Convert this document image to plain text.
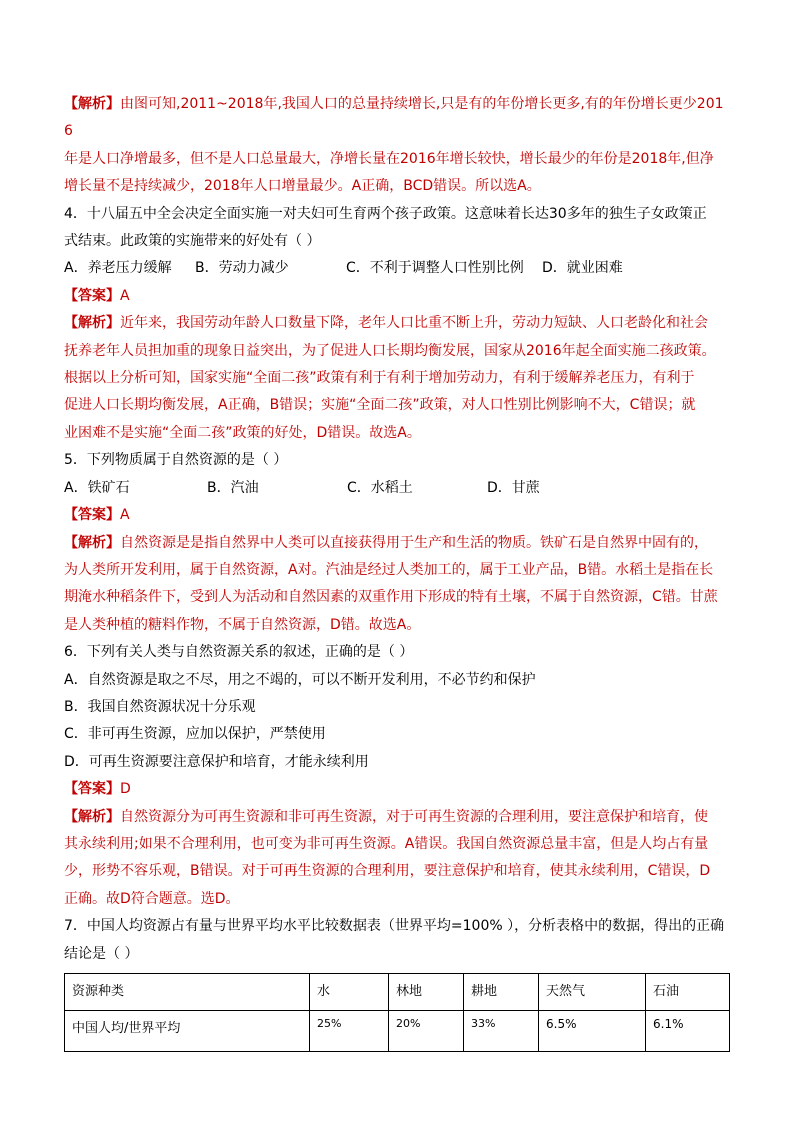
【解析】由图可知,2011~2018年,我国人口的总量持续增长,只是有的年份增长更多,有的年份增长更少2016

年是人口净增最多，但不是人口总量最大，净增长量在2016年增长较快，增长最少的年份是2018年,但净

增长量不是持续减少，2018年人口增量最少。A正确，BCD错误。所以选A。

4．十八届五中全会决定全面实施一对夫妇可生育两个孩子政策。这意味着长达30多年的独生子女政策正

式结束。此政策的实施带来的好处有（ ）

A．养老压力缓解	B．劳动力减少	C．不利于调整人口性别比例	D．就业困难

【答案】A

【解析】近年来，我国劳动年龄人口数量下降，老年人口比重不断上升，劳动力短缺、人口老龄化和社会

抚养老年人员担加重的现象日益突出，为了促进人口长期均衡发展，国家从2016年起全面实施二孩政策。

根据以上分析可知，国家实施“全面二孩”政策有利于有利于增加劳动力，有利于缓解养老压力，有利于

促进人口长期均衡发展，A正确，B错误；实施“全面二孩”政策，对人口性别比例影响不大，C错误；就

业困难不是实施“全面二孩”政策的好处，D错误。故选A。

5．下列物质属于自然资源的是（ ）

A．铁矿石	B．汽油	C．水稻土	D．甘蔗

【答案】A

【解析】自然资源是是指自然界中人类可以直接获得用于生产和生活的物质。铁矿石是自然界中固有的，

为人类所开发利用，属于自然资源，A对。汽油是经过人类加工的，属于工业产品，B错。水稻土是指在长

期淹水种稻条件下，受到人为活动和自然因素的双重作用下形成的特有土壤，不属于自然资源，C错。甘蔗

是人类种植的糖料作物，不属于自然资源，D错。故选A。

6．下列有关人类与自然资源关系的叙述，正确的是（ ）

A．自然资源是取之不尽，用之不竭的，可以不断开发利用，不必节约和保护

B．我国自然资源状况十分乐观

C．非可再生资源，应加以保护，严禁使用

D．可再生资源要注意保护和培育，才能永续利用

【答案】D

【解析】自然资源分为可再生资源和非可再生资源，对于可再生资源的合理利用，要注意保护和培育，使

其永续利用;如果不合理利用，也可变为非可再生资源。A错误。我国自然资源总量丰富，但是人均占有量

少，形势不容乐观，B错误。对于可再生资源的合理利用，要注意保护和培育，使其永续利用，C错误，D

正确。故D符合题意。选D。

7．中国人均资源占有量与世界平均水平比较数据表（世界平均=100% ），分析表格中的数据，得出的正确

结论是（ ）

资源种类	水	林地	耕地	天然气	石油
中国人均/世界平均	25%	20%	33%	6.5%	6.1%
